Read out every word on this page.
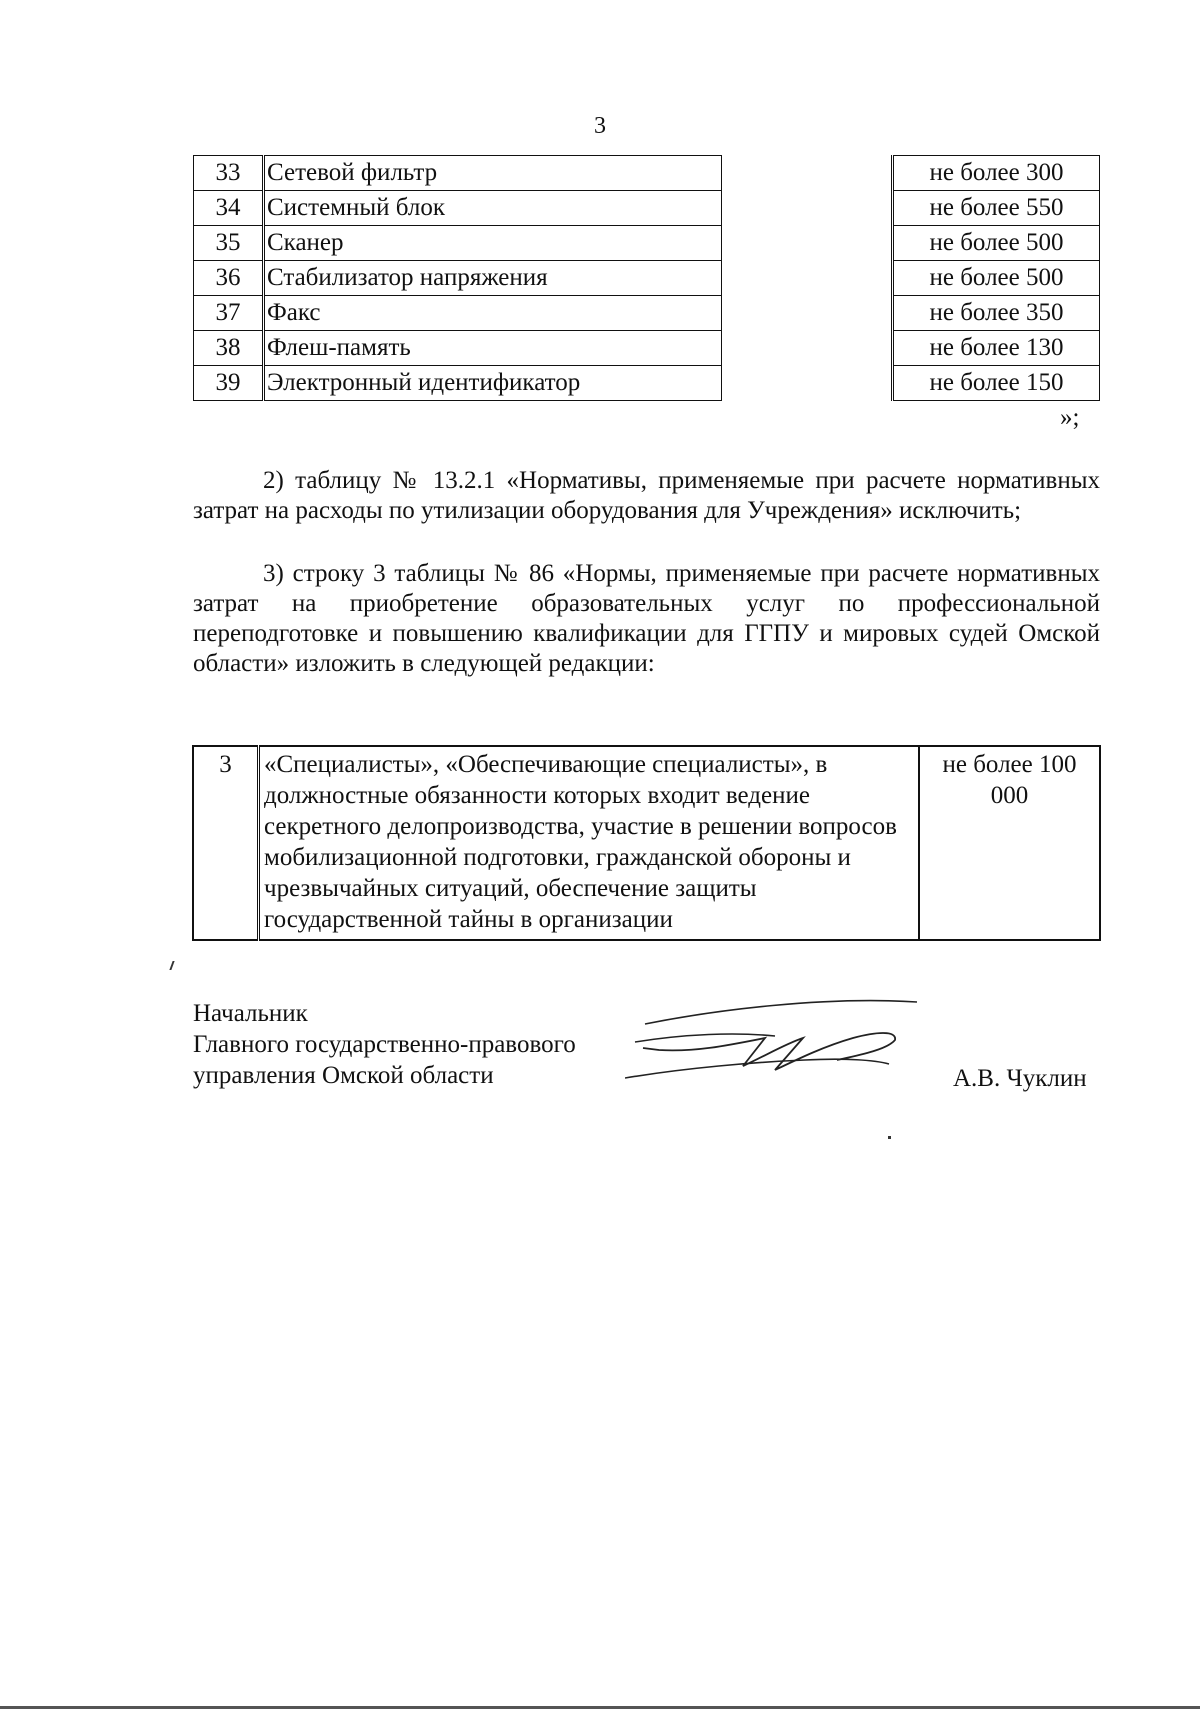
3
33	Сетевой фильтр		не более 300
34	Системный блок		не более 550
35	Сканер		не более 500
36	Стабилизатор напряжения		не более 500
37	Факс		не более 350
38	Флеш-память		не более 130
39	Электронный идентификатор		не более 150
»;

2) таблицу № 13.2.1 «Нормативы, применяемые при расчете нормативных затрат на расходы по утилизации оборудования для Учреждения» исключить;

3) строку 3 таблицы № 86 «Нормы, применяемые при расчете нормативных затрат на приобретение образовательных услуг по профессиональной переподготовке и повышению квалификации для ГГПУ и мировых судей Омской области» изложить в следующей редакции:

3	«Специалисты», «Обеспечивающие специалисты», в должностные обязанности которых входит ведение секретного делопроизводства, участие в решении вопросов мобилизационной подготовки, гражданской обороны и чрезвычайных ситуаций, обеспечение защиты государственной тайны в организации	не более 100 000
Начальник
Главного государственно-правового
управления Омской области	А.В. Чуклин
